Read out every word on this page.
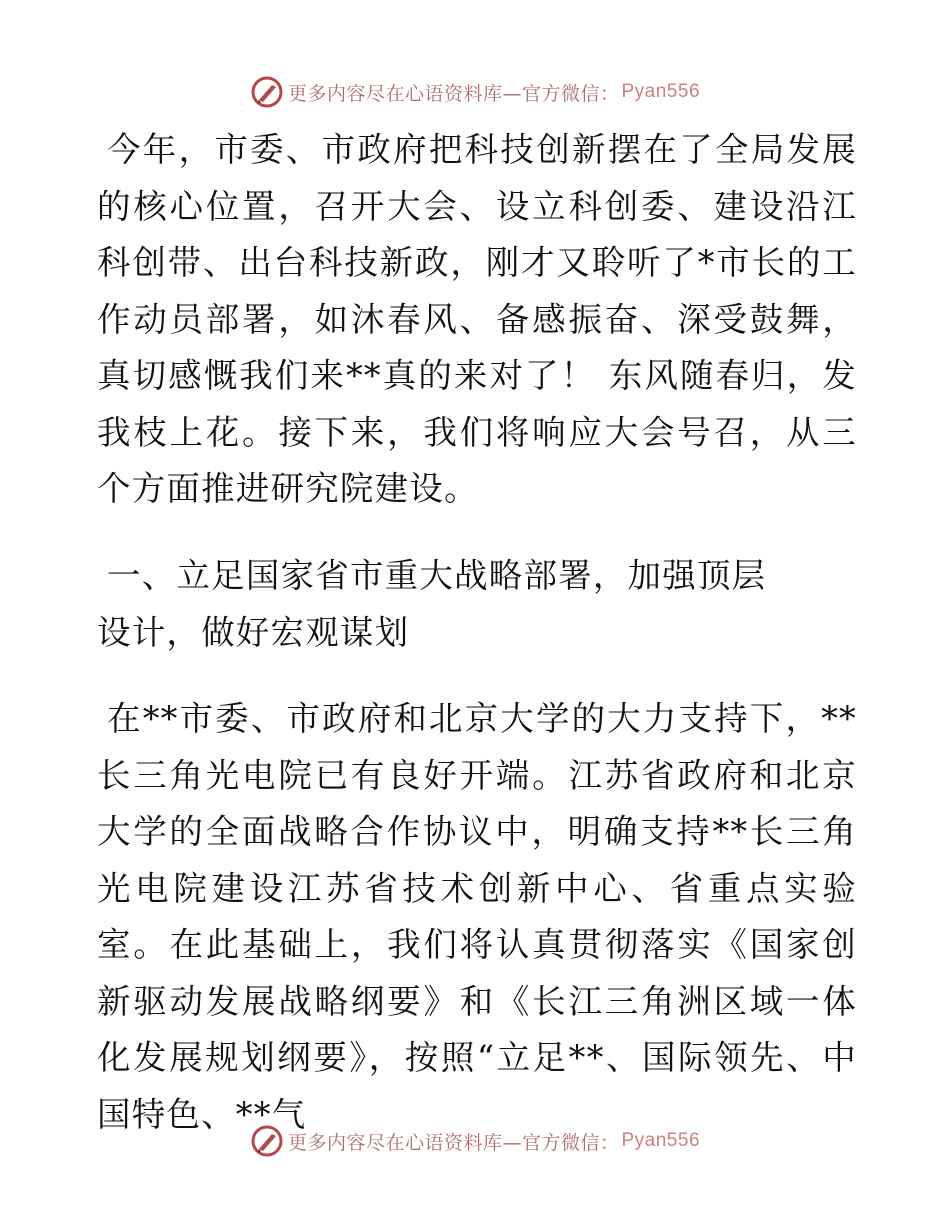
更多内容尽在心语资料库—官方微信： Pyan556

今年，市委、市政府把科技创新摆在了全局发展的核心位置，召开大会、设立科创委、建设沿江科创带、出台科技新政，刚才又聆听了*市长的工作动员部署，如沐春风、备感振奋、深受鼓舞，真切感慨我们来**真的来对了！ 东风随春归，发我枝上花。接下来，我们将响应大会号召，从三个方面推进研究院建设。

一、立足国家省市重大战略部署，加强顶层设计，做好宏观谋划

在**市委、市政府和北京大学的大力支持下，**长三角光电院已有良好开端。江苏省政府和北京大学的全面战略合作协议中，明确支持**长三角光电院建设江苏省技术创新中心、省重点实验室。在此基础上，我们将认真贯彻落实《国家创新驱动发展战略纲要》和《长江三角洲区域一体化发展规划纲要》，按照“立足**、国际领先、中国特色、**气

更多内容尽在心语资料库—官方微信： Pyan556
